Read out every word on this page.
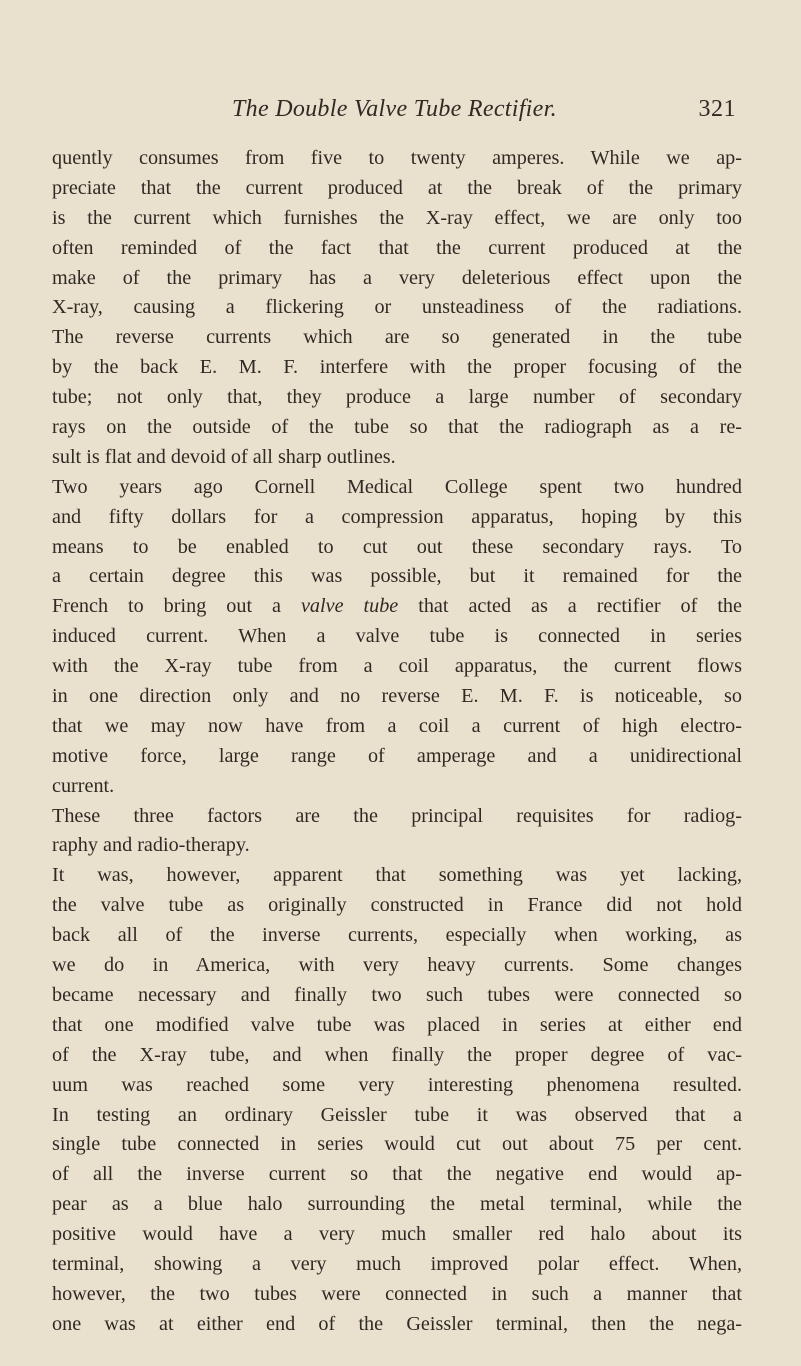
The Double Valve Tube Rectifier.	321
quently consumes from five to twenty amperes. While we ap-
preciate that the current produced at the break of the primary
is the current which furnishes the X-ray effect, we are only too
often reminded of the fact that the current produced at the
make of the primary has a very deleterious effect upon the
X-ray, causing a flickering or unsteadiness of the radiations.
The reverse currents which are so generated in the tube
by the back E. M. F. interfere with the proper focusing of the
tube; not only that, they produce a large number of secondary
rays on the outside of the tube so that the radiograph as a re-
sult is flat and devoid of all sharp outlines.
Two years ago Cornell Medical College spent two hundred
and fifty dollars for a compression apparatus, hoping by this
means to be enabled to cut out these secondary rays. To
a certain degree this was possible, but it remained for the
French to bring out a valve tube that acted as a rectifier of the
induced current. When a valve tube is connected in series
with the X-ray tube from a coil apparatus, the current flows
in one direction only and no reverse E. M. F. is noticeable, so
that we may now have from a coil a current of high electro-
motive force, large range of amperage and a unidirectional
current.
These three factors are the principal requisites for radiog-
raphy and radio-therapy.
It was, however, apparent that something was yet lacking,
the valve tube as originally constructed in France did not hold
back all of the inverse currents, especially when working, as
we do in America, with very heavy currents. Some changes
became necessary and finally two such tubes were connected so
that one modified valve tube was placed in series at either end
of the X-ray tube, and when finally the proper degree of vac-
uum was reached some very interesting phenomena resulted.
In testing an ordinary Geissler tube it was observed that a
single tube connected in series would cut out about 75 per cent.
of all the inverse current so that the negative end would ap-
pear as a blue halo surrounding the metal terminal, while the
positive would have a very much smaller red halo about its
terminal, showing a very much improved polar effect. When,
however, the two tubes were connected in such a manner that
one was at either end of the Geissler terminal, then the nega-
